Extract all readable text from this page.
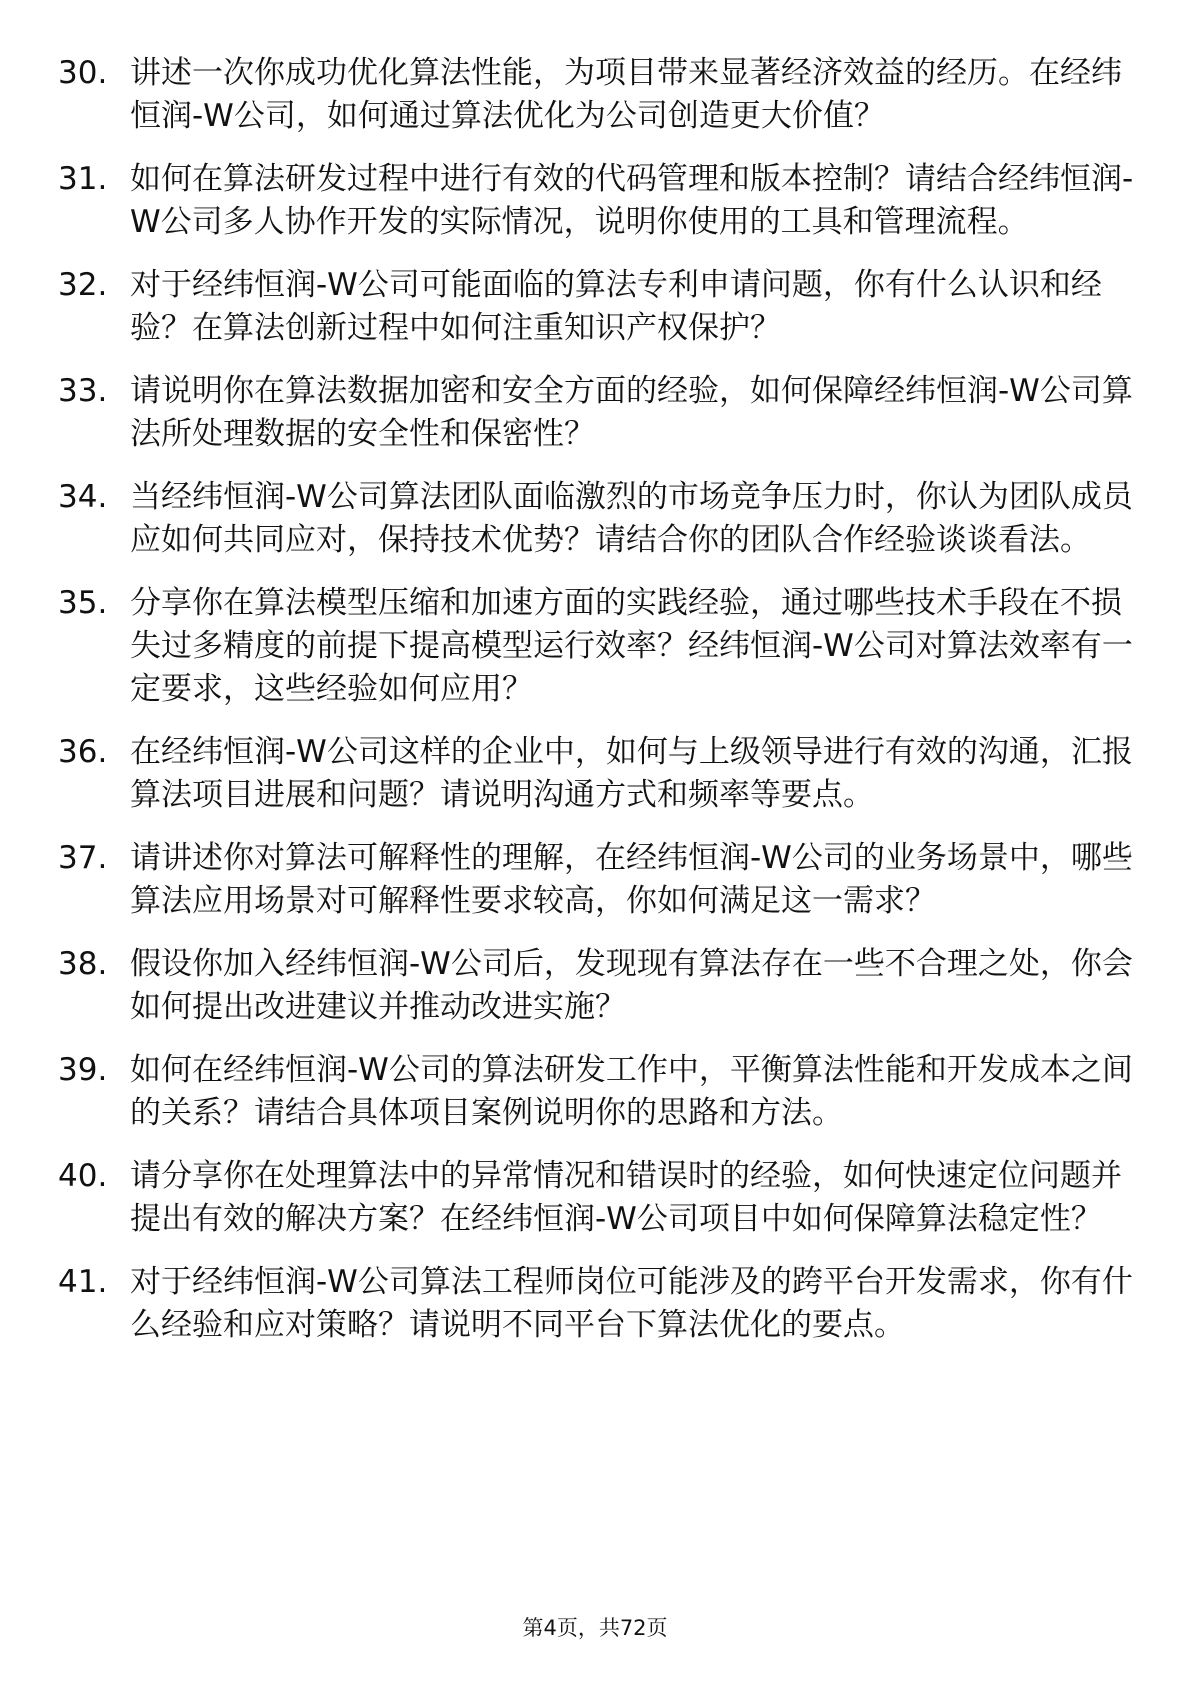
30. 讲述一次你成功优化算法性能，为项目带来显著经济效益的经历。在经纬恒润-W公司，如何通过算法优化为公司创造更大价值？
31. 如何在算法研发过程中进行有效的代码管理和版本控制？请结合经纬恒润-W公司多人协作开发的实际情况，说明你使用的工具和管理流程。
32. 对于经纬恒润-W公司可能面临的算法专利申请问题，你有什么认识和经验？在算法创新过程中如何注重知识产权保护？
33. 请说明你在算法数据加密和安全方面的经验，如何保障经纬恒润-W公司算法所处理数据的安全性和保密性？
34. 当经纬恒润-W公司算法团队面临激烈的市场竞争压力时，你认为团队成员应如何共同应对，保持技术优势？请结合你的团队合作经验谈谈看法。
35. 分享你在算法模型压缩和加速方面的实践经验，通过哪些技术手段在不损失过多精度的前提下提高模型运行效率？经纬恒润-W公司对算法效率有一定要求，这些经验如何应用？
36. 在经纬恒润-W公司这样的企业中，如何与上级领导进行有效的沟通，汇报算法项目进展和问题？请说明沟通方式和频率等要点。
37. 请讲述你对算法可解释性的理解，在经纬恒润-W公司的业务场景中，哪些算法应用场景对可解释性要求较高，你如何满足这一需求？
38. 假设你加入经纬恒润-W公司后，发现现有算法存在一些不合理之处，你会如何提出改进建议并推动改进实施？
39. 如何在经纬恒润-W公司的算法研发工作中，平衡算法性能和开发成本之间的关系？请结合具体项目案例说明你的思路和方法。
40. 请分享你在处理算法中的异常情况和错误时的经验，如何快速定位问题并提出有效的解决方案？在经纬恒润-W公司项目中如何保障算法稳定性？
41. 对于经纬恒润-W公司算法工程师岗位可能涉及的跨平台开发需求，你有什么经验和应对策略？请说明不同平台下算法优化的要点。
第4页，共72页
